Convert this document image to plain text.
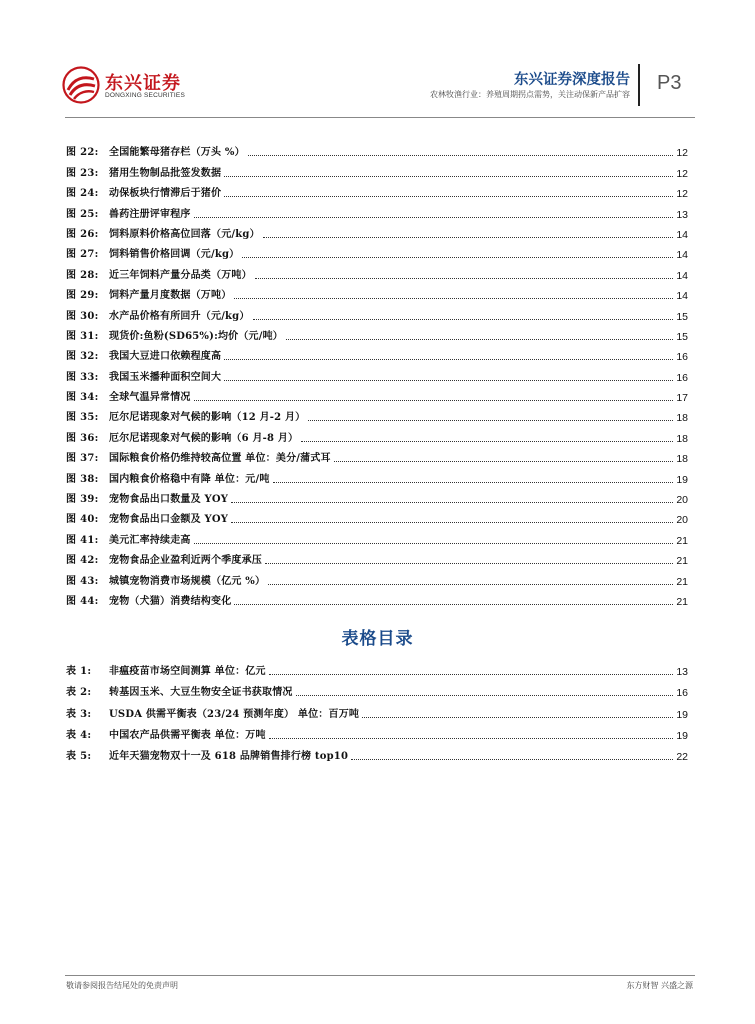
东兴证券
DONGXING SECURITIES
东兴证券深度报告
农林牧渔行业：养殖周期拐点需势，关注动保新产品扩容
P3
图 22:	全国能繁母猪存栏（万头 %）	12
图 23:	猪用生物制品批签发数据	12
图 24:	动保板块行情滞后于猪价	12
图 25:	兽药注册评审程序	13
图 26:	饲料原料价格高位回落（元/kg）	14
图 27:	饲料销售价格回调（元/kg）	14
图 28:	近三年饲料产量分品类（万吨）	14
图 29:	饲料产量月度数据（万吨）	14
图 30:	水产品价格有所回升（元/kg）	15
图 31:	现货价:鱼粉(SD65%):均价（元/吨）	15
图 32:	我国大豆进口依赖程度高	16
图 33:	我国玉米播种面积空间大	16
图 34:	全球气温异常情况	17
图 35:	厄尔尼诺现象对气候的影响（12 月-2 月）	18
图 36:	厄尔尼诺现象对气候的影响（6 月-8 月）	18
图 37:	国际粮食价格仍维持较高位置 单位：美分/蒲式耳	18
图 38:	国内粮食价格稳中有降 单位：元/吨	19
图 39:	宠物食品出口数量及 YOY	20
图 40:	宠物食品出口金额及 YOY	20
图 41:	美元汇率持续走高	21
图 42:	宠物食品企业盈利近两个季度承压	21
图 43:	城镇宠物消费市场规模（亿元 %）	21
图 44:	宠物（犬猫）消费结构变化	21
表格目录
表 1:	非瘟疫苗市场空间测算 单位：亿元	13
表 2:	转基因玉米、大豆生物安全证书获取情况	16
表 3:	USDA 供需平衡表（23/24 预测年度） 单位：百万吨	19
表 4:	中国农产品供需平衡表 单位：万吨	19
表 5:	近年天猫宠物双十一及 618 品牌销售排行榜 top10	22
敬请参阅报告结尾处的免责声明	东方财智 兴盛之源
